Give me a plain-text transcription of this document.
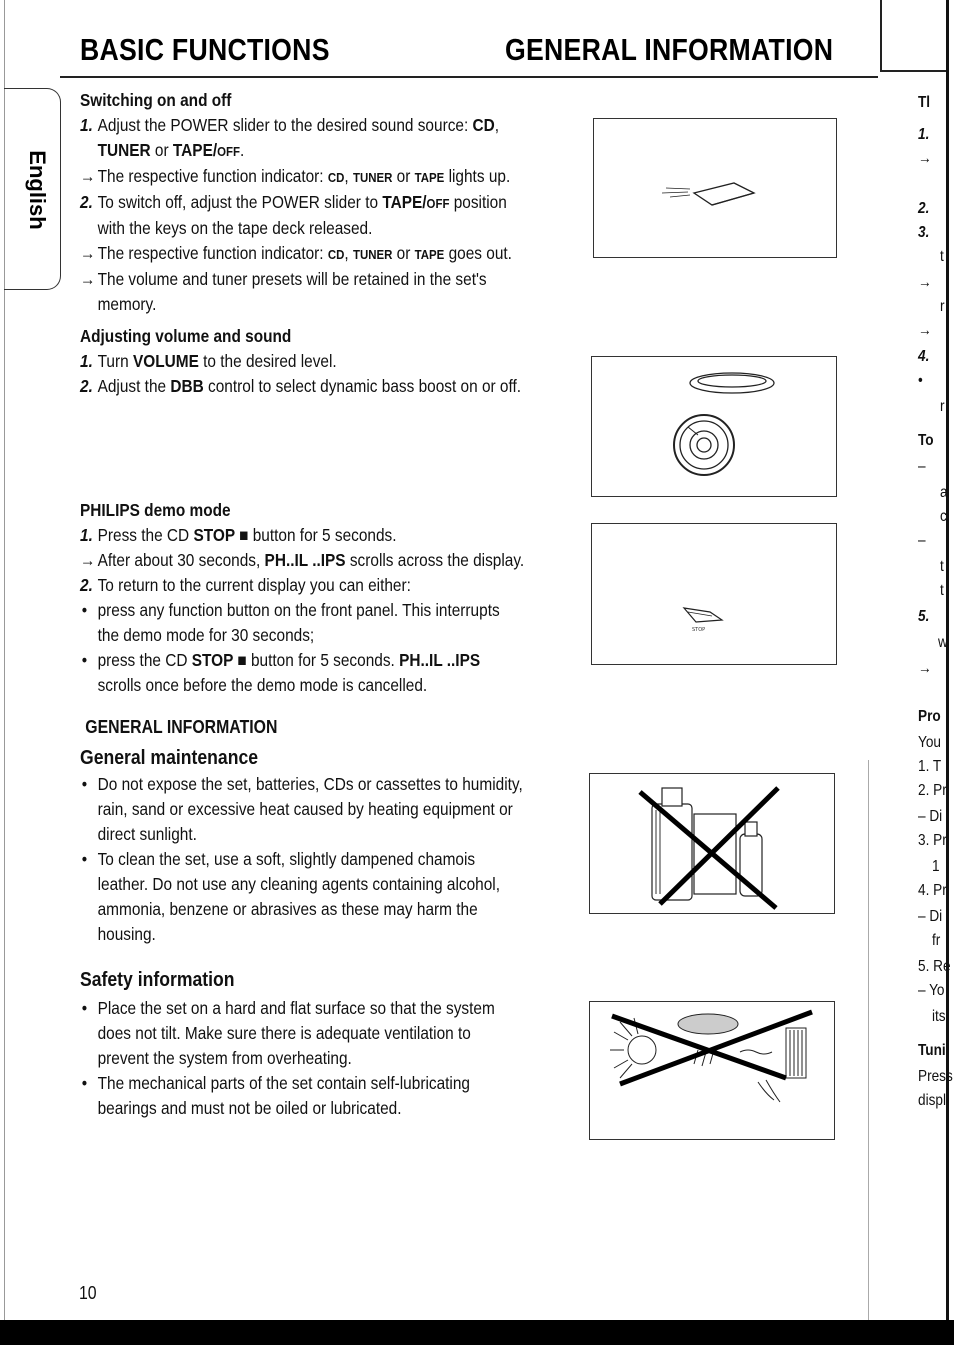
BASIC FUNCTIONS	GENERAL INFORMATION
English
Switching on and off
1. Adjust the POWER slider to the desired sound source: CD,
TUNER or TAPE/OFF.
→ The respective function indicator: CD, TUNER or TAPE lights up.
2. To switch off, adjust the POWER slider to TAPE/OFF position
with the keys on the tape deck released.
→ The respective function indicator: CD, TUNER or TAPE goes out.
→ The volume and tuner presets will be retained in the set's
memory.
Adjusting volume and sound
1. Turn VOLUME to the desired level.
2. Adjust the DBB control to select dynamic bass boost on or off.
PHILIPS demo mode
1. Press the CD STOP ■ button for 5 seconds.
→ After about 30 seconds, PH..IL ..IPS scrolls across the display.
2. To return to the current display you can either:
• press any function button on the front panel. This interrupts
the demo mode for 30 seconds;
• press the CD STOP ■ button for 5 seconds. PH..IL ..IPS
scrolls once before the demo mode is cancelled.
GENERAL INFORMATION
General maintenance
• Do not expose the set, batteries, CDs or cassettes to humidity,
rain, sand or excessive heat caused by heating equipment or
direct sunlight.
• To clean the set, use a soft, slightly dampened chamois
leather. Do not use any cleaning agents containing alcohol,
ammonia, benzene or abrasives as these may harm the
housing.
Safety information
• Place the set on a hard and flat surface so that the system
does not tilt. Make sure there is adequate ventilation to
prevent the system from overheating.
• The mechanical parts of the set contain self-lubricating
bearings and must not be oiled or lubricated.
STOP
Tl
1.
→
2.
3.
t
→
r
→
4.
•
r
To
–
a
c
–
t
t
5.
w
→
Pro
You
1. T
2. Pr
– Di
3. Pr
1
4. Pr
– Di
fr
5. Re
– Yo
its
Tuni
Press
displ
10
